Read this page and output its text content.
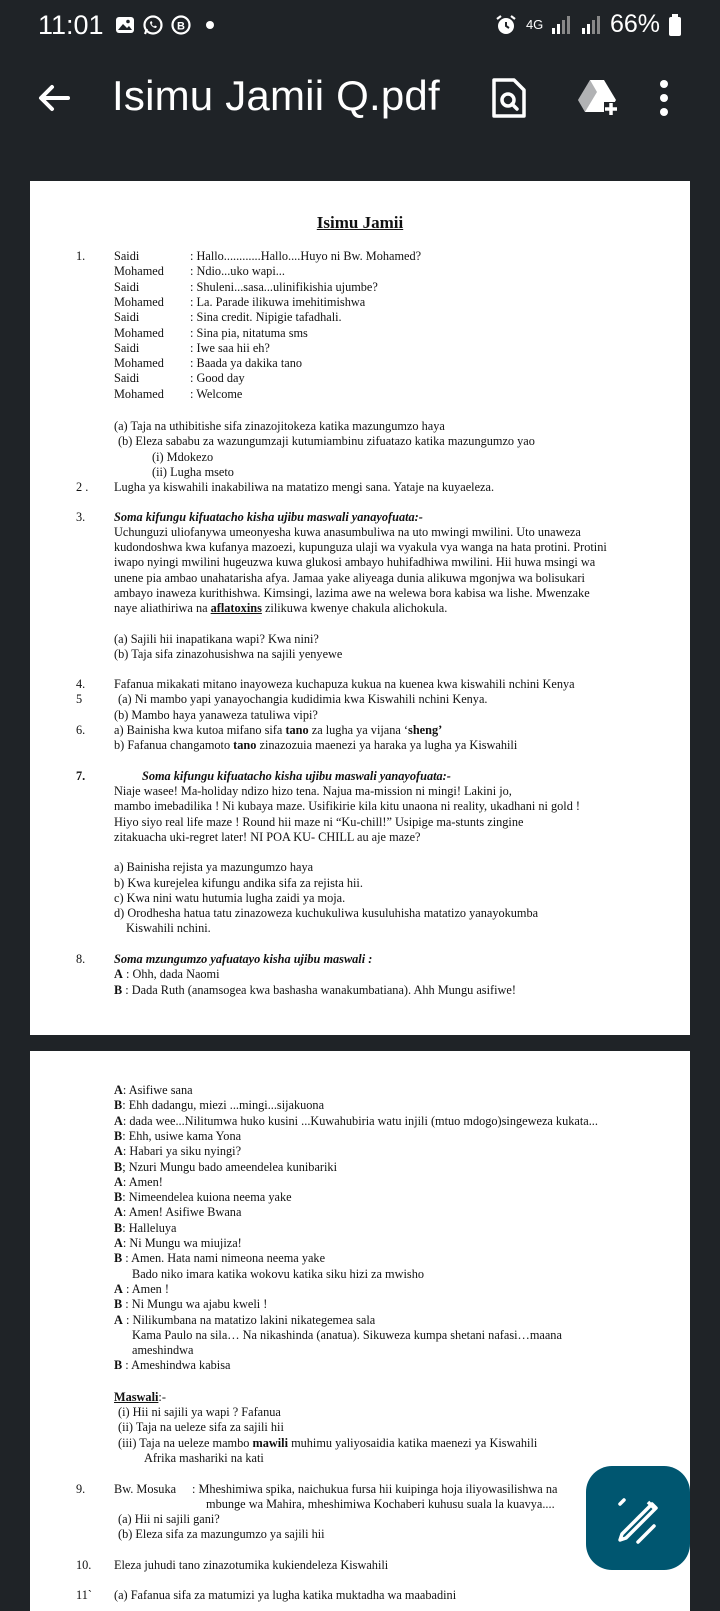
11:01	B	4G	66%
Isimu Jamii Q.pdf
Isimu Jamii
1. Saidi	: Hallo............Hallo....Huyo ni Bw. Mohamed?
Mohamed : Ndio...uko wapi...
Saidi	: Shuleni...sasa...ulinifikishia ujumbe?
Mohamed : La. Parade ilikuwa imehitimishwa
Saidi	: Sina credit. Nipigie tafadhali.
Mohamed : Sina pia, nitatuma sms
Saidi	: Iwe saa hii eh?
Mohamed : Baada ya dakika tano
Saidi	: Good day
Mohamed : Welcome
(a) Taja na uthibitishe sifa zinazojitokeza katika mazungumzo haya
(b) Eleza sababu za wazungumzaji kutumiambinu zifuatazo katika mazungumzo yao
(i) Mdokezo
(ii) Lugha mseto
2 . Lugha ya kiswahili inakabiliwa na matatizo mengi sana. Yataje na kuyaeleza.
3. Soma kifungu kifuatacho kisha ujibu maswali yanayofuata:-
Uchunguzi uliofanywa umeonyesha kuwa anasumbuliwa na uto mwingi mwilini. Uto unaweza
kudondoshwa kwa kufanya mazoezi, kupunguza ulaji wa vyakula vya wanga na hata protini. Protini
iwapo nyingi mwilini hugeuzwa kuwa glukosi ambayo huhifadhiwa mwilini. Hii huwa msingi wa
unene pia ambao unahatarisha afya. Jamaa yake aliyeaga dunia alikuwa mgonjwa wa bolisukari
ambayo inaweza kurithishwa. Kimsingi, lazima awe na welewa bora kabisa wa lishe. Mwenzake
naye aliathiriwa na aflatoxins zilikuwa kwenye chakula alichokula.
(a) Sajili hii inapatikana wapi? Kwa nini?
(b) Taja sifa zinazohusishwa na sajili yenyewe
4. Fafanua mikakati mitano inayoweza kuchapuza kukua na kuenea kwa kiswahili nchini Kenya
5	(a) Ni mambo yapi yanayochangia kudidimia kwa Kiswahili nchini Kenya.
(b) Mambo haya yanaweza tatuliwa vipi?
6. a) Bainisha kwa kutoa mifano sifa tano za lugha ya vijana ‘sheng’
b) Fafanua changamoto tano zinazozuia maenezi ya haraka ya lugha ya Kiswahili
7.	Soma kifungu kifuatacho kisha ujibu maswali yanayofuata:-
Niaje wasee! Ma-holiday ndizo hizo tena. Najua ma-mission ni mingi! Lakini jo,
mambo imebadilika ! Ni kubaya maze. Usifikirie kila kitu unaona ni reality, ukadhani ni gold !
Hiyo siyo real life maze ! Round hii maze ni “Ku-chill!” Usipige ma-stunts zingine
zitakuacha uki-regret later! NI POA KU- CHILL au aje maze?
a) Bainisha rejista ya mazungumzo haya
b) Kwa kurejelea kifungu andika sifa za rejista hii.
c) Kwa nini watu hutumia lugha zaidi ya moja.
d) Orodhesha hatua tatu zinazoweza kuchukuliwa kusuluhisha matatizo yanayokumba
Kiswahili nchini.
8. Soma mzungumzo yafuatayo kisha ujibu maswali :
A : Ohh, dada Naomi
B : Dada Ruth (anamsogea kwa bashasha wanakumbatiana). Ahh Mungu asifiwe!
A: Asifiwe sana
B: Ehh dadangu, miezi ...mingi...sijakuona
A: dada wee...Nilitumwa huko kusini ...Kuwahubiria watu injili (mtuo mdogo)singeweza kukata...
B: Ehh, usiwe kama Yona
A: Habari ya siku nyingi?
B; Nzuri Mungu bado ameendelea kunibariki
A: Amen!
B: Nimeendelea kuiona neema yake
A: Amen! Asifiwe Bwana
B: Halleluya
A: Ni Mungu wa miujiza!
B : Amen. Hata nami nimeona neema yake
Bado niko imara katika wokovu katika siku hizi za mwisho
A : Amen !
B : Ni Mungu wa ajabu kweli !
A : Nilikumbana na matatizo lakini nikategemea sala
Kama Paulo na sila… Na nikashinda (anatua). Sikuweza kumpa shetani nafasi…maana
ameshindwa
B : Ameshindwa kabisa
Maswali:-
(i) Hii ni sajili ya wapi ? Fafanua
(ii) Taja na ueleze sifa za sajili hii
(iii) Taja na ueleze mambo mawili muhimu yaliyosaidia katika maenezi ya Kiswahili
Afrika mashariki na kati
9. Bw. Mosuka : Mheshimiwa spika, naichukua fursa hii kuipinga hoja iliyowasilishwa na
mbunge wa Mahira, mheshimiwa Kochaberi kuhusu suala la kuavya....
(a) Hii ni sajili gani?
(b) Eleza sifa za mazungumzo ya sajili hii
10. Eleza juhudi tano zinazotumika kukiendeleza Kiswahili
11` (a) Fafanua sifa za matumizi ya lugha katika muktadha wa maabadini
